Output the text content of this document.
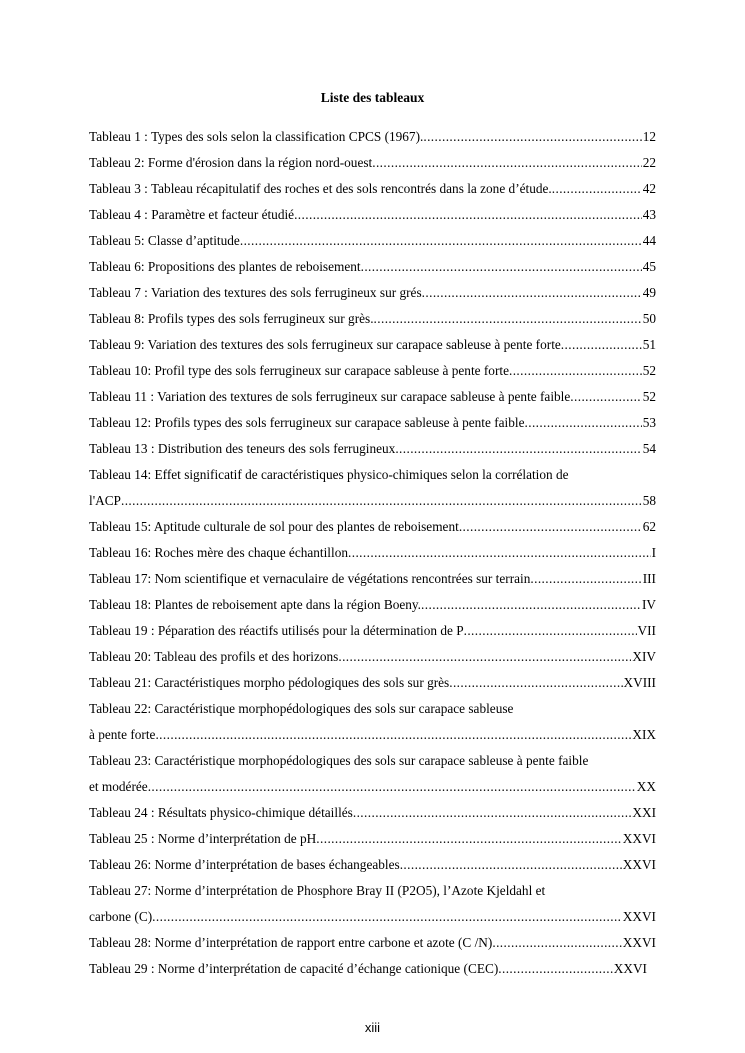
Liste des tableaux
Tableau 1 : Types des sols selon la classification CPCS (1967). .....	12
Tableau 2: Forme d'érosion dans la région nord-ouest .....	22
Tableau 3 : Tableau récapitulatif des roches et des sols rencontrés dans la zone d’étude. .....	42
Tableau 4 : Paramètre et facteur étudié .....	43
Tableau 5: Classe d’aptitude .....	44
Tableau 6: Propositions des plantes de reboisement .....	45
Tableau 7 : Variation des textures des sols ferrugineux sur grés .....	49
Tableau 8: Profils types des sols ferrugineux sur grès. .....	50
Tableau 9: Variation des textures des sols ferrugineux sur carapace sableuse à pente forte .....	51
Tableau 10: Profil type des sols ferrugineux sur carapace sableuse à pente forte .....	52
Tableau 11 : Variation des textures de sols ferrugineux sur carapace sableuse à pente faible .....	52
Tableau 12: Profils types des sols ferrugineux sur carapace sableuse à pente faible .....	53
Tableau 13 : Distribution des teneurs des sols ferrugineux .....	54
Tableau 14: Effet significatif de caractéristiques physico-chimiques selon la corrélation de
l'ACP .....	58
Tableau 15: Aptitude culturale de sol pour des plantes de reboisement .....	62
Tableau 16: Roches mère des chaque échantillon .....	I
Tableau 17: Nom scientifique et vernaculaire de végétations rencontrées sur terrain .....	III
Tableau 18: Plantes de reboisement apte dans la région Boeny. .....	IV
Tableau 19 : Péparation des réactifs utilisés pour la détermination de P .....	VII
Tableau 20: Tableau des profils et des horizons .....	XIV
Tableau 21: Caractéristiques morpho pédologiques des sols sur grès .....	XVIII
Tableau 22: Caractéristique morphopédologiques des sols sur carapace sableuse
à pente forte .....	XIX
Tableau 23: Caractéristique morphopédologiques des sols sur carapace sableuse à pente faible
et modérée .....	XX
Tableau 24 : Résultats physico-chimique détaillés .....	XXI
Tableau 25 : Norme d’interprétation de pH .....	XXVI
Tableau 26: Norme d’interprétation de bases échangeables .....	XXVI
Tableau 27: Norme d’interprétation de Phosphore Bray II (P2O5), l’Azote Kjeldahl et
carbone (C) .....	XXVI
Tableau 28: Norme d’interprétation de rapport entre carbone et azote (C /N) .....	XXVI
Tableau 29 : Norme d’interprétation de capacité d’échange cationique (CEC) .....	XXVI
xiii
